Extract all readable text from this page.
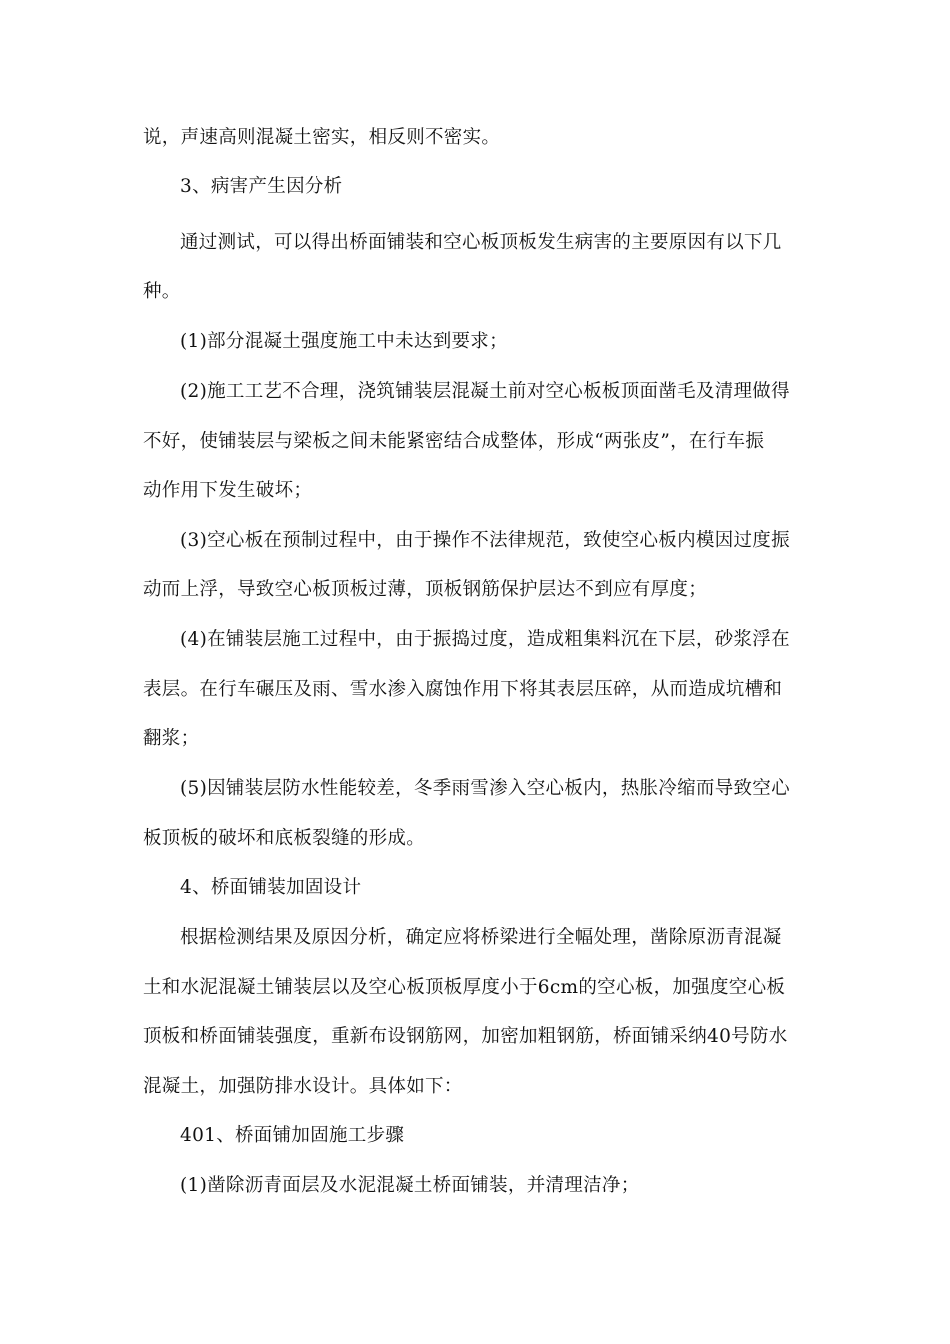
说，声速高则混凝土密实，相反则不密实。
3、病害产生因分析
通过测试，可以得出桥面铺装和空心板顶板发生病害的主要原因有以下几
种。
(1)部分混凝土强度施工中未达到要求；
(2)施工工艺不合理，浇筑铺装层混凝土前对空心板板顶面凿毛及清理做得
不好，使铺装层与梁板之间未能紧密结合成整体，形成“两张皮”，在行车振
动作用下发生破坏；
(3)空心板在预制过程中，由于操作不法律规范，致使空心板内模因过度振
动而上浮，导致空心板顶板过薄，顶板钢筋保护层达不到应有厚度；
(4)在铺装层施工过程中，由于振捣过度，造成粗集料沉在下层，砂浆浮在
表层。在行车碾压及雨、雪水渗入腐蚀作用下将其表层压碎，从而造成坑槽和
翻浆；
(5)因铺装层防水性能较差，冬季雨雪渗入空心板内，热胀冷缩而导致空心
板顶板的破坏和底板裂缝的形成。
4、桥面铺装加固设计
根据检测结果及原因分析，确定应将桥梁进行全幅处理，凿除原沥青混凝
土和水泥混凝土铺装层以及空心板顶板厚度小于6cm的空心板，加强度空心板
顶板和桥面铺装强度，重新布设钢筋网，加密加粗钢筋，桥面铺采纳40号防水
混凝土，加强防排水设计。具体如下：
401、桥面铺加固施工步骤
(1)凿除沥青面层及水泥混凝土桥面铺装，并清理洁净；
